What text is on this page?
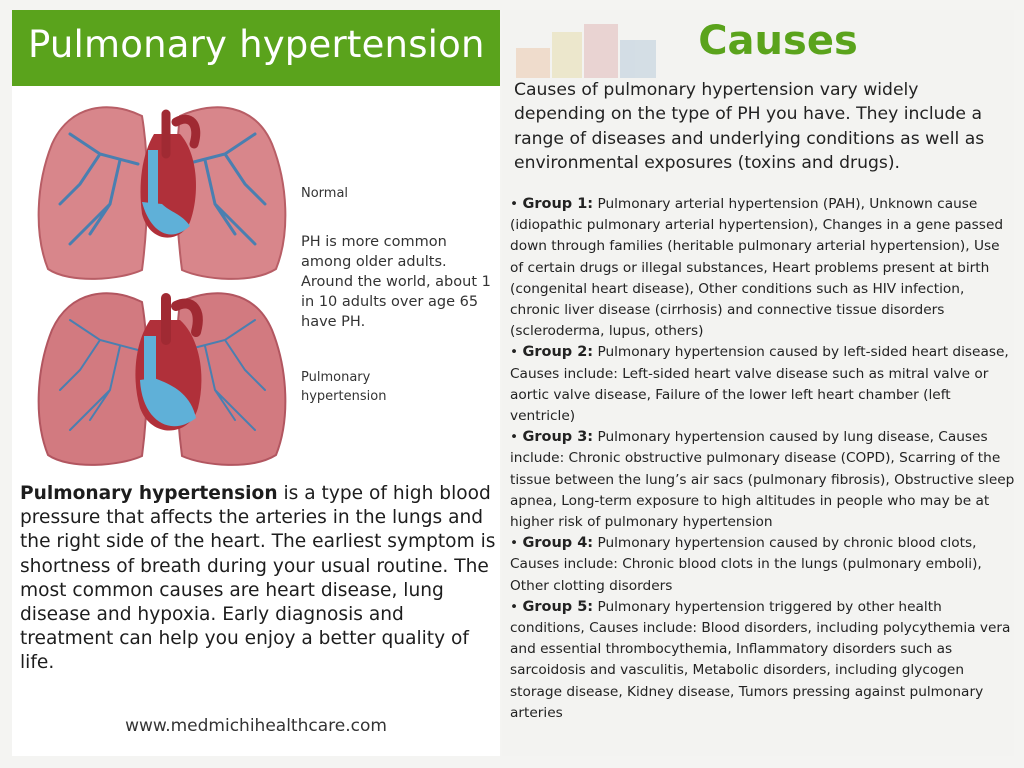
Pulmonary hypertension
Normal
PH is more common among older adults. Around the world, about 1 in 10 adults over age 65 have PH.
Pulmonary hypertension

Pulmonary hypertension is a type of high blood pressure that affects the arteries in the lungs and the right side of the heart. The earliest symptom is shortness of breath during your usual routine. The most common causes are heart disease, lung disease and hypoxia. Early diagnosis and treatment can help you enjoy a better quality of life.

www.medmichihealthcare.com
Causes

Causes of pulmonary hypertension vary widely depending on the type of PH you have. They include a range of diseases and underlying conditions as well as environmental exposures (toxins and drugs).

• Group 1: Pulmonary arterial hypertension (PAH), Unknown cause (idiopathic pulmonary arterial hypertension), Changes in a gene passed down through families (heritable pulmonary arterial hypertension), Use of certain drugs or illegal substances, Heart problems present at birth (congenital heart disease), Other conditions such as HIV infection, chronic liver disease (cirrhosis) and connective tissue disorders (scleroderma, lupus, others)
• Group 2: Pulmonary hypertension caused by left-sided heart disease, Causes include: Left-sided heart valve disease such as mitral valve or aortic valve disease, Failure of the lower left heart chamber (left ventricle)
• Group 3: Pulmonary hypertension caused by lung disease, Causes include: Chronic obstructive pulmonary disease (COPD), Scarring of the tissue between the lung’s air sacs (pulmonary fibrosis), Obstructive sleep apnea, Long-term exposure to high altitudes in people who may be at higher risk of pulmonary hypertension
• Group 4: Pulmonary hypertension caused by chronic blood clots, Causes include: Chronic blood clots in the lungs (pulmonary emboli), Other clotting disorders
• Group 5: Pulmonary hypertension triggered by other health conditions, Causes include: Blood disorders, including polycythemia vera and essential thrombocythemia, Inflammatory disorders such as sarcoidosis and vasculitis, Metabolic disorders, including glycogen storage disease, Kidney disease, Tumors pressing against pulmonary arteries
